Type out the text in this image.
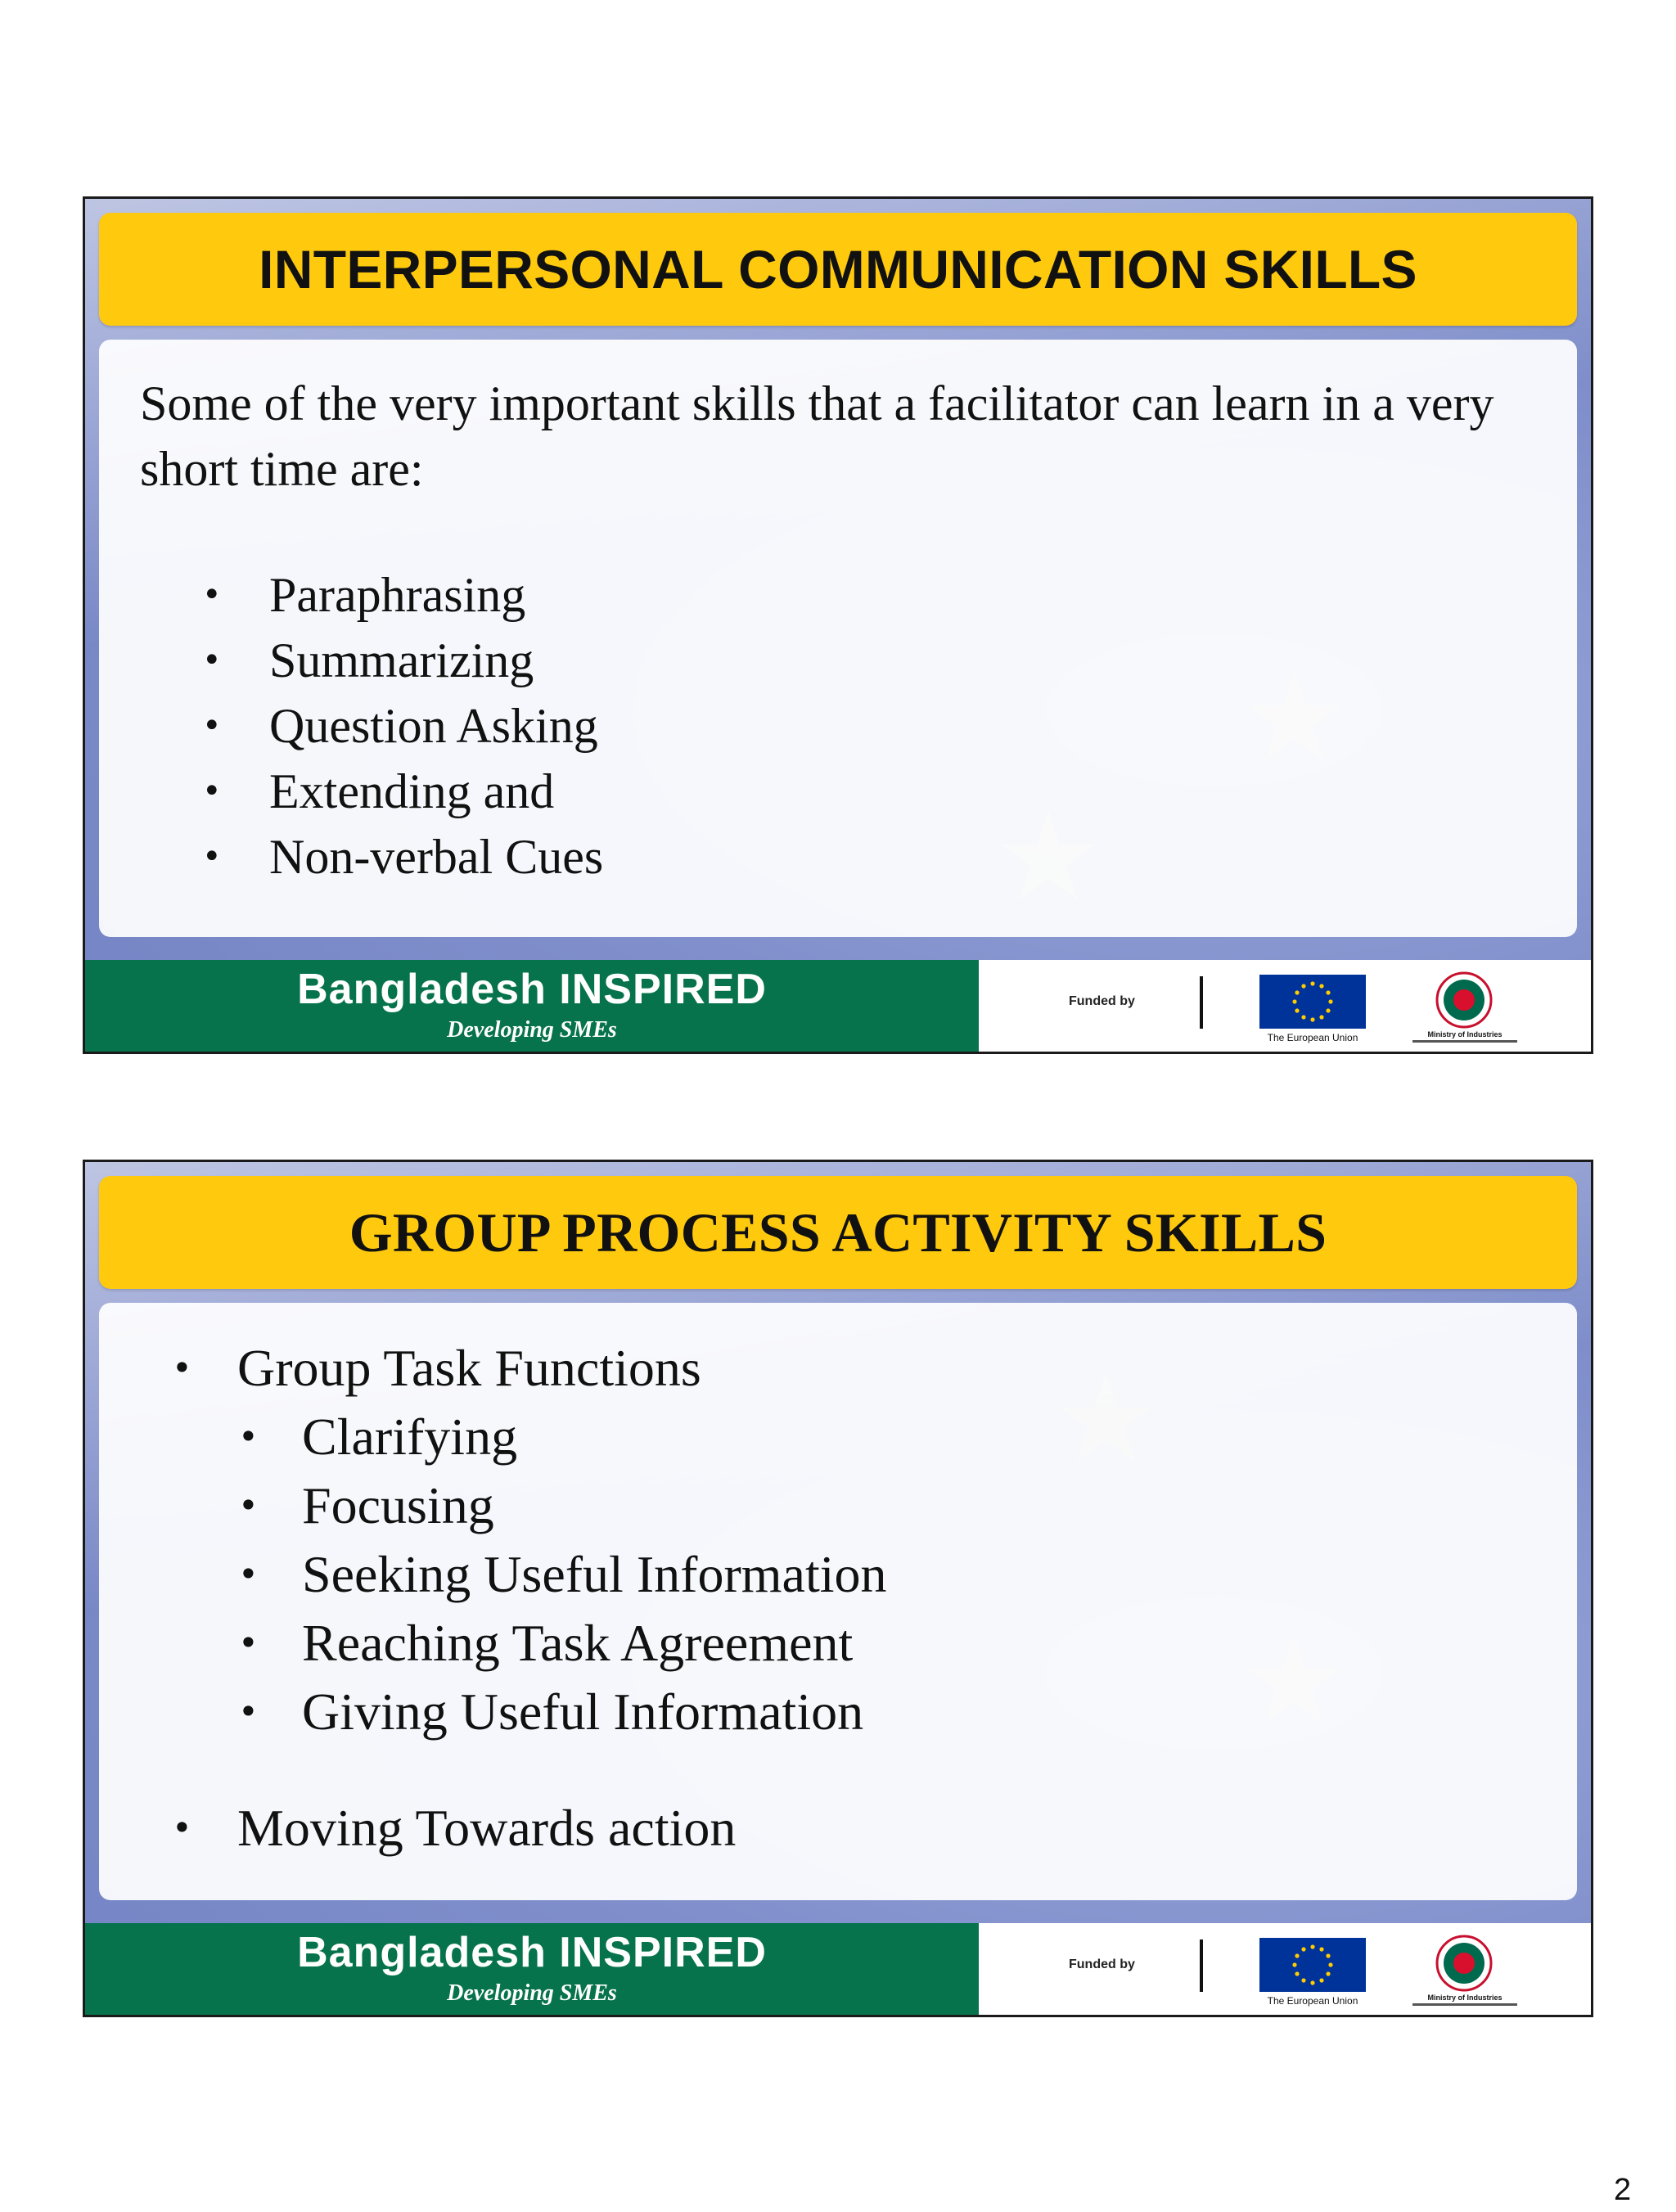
INTERPERSONAL COMMUNICATION SKILLS

Some of the very important skills that a facilitator can learn in a very short time are:

• Paraphrasing
• Summarizing
• Question Asking
• Extending and
• Non-verbal Cues
Bangladesh INSPIRED
Developing SMEs
Funded by
The European Union	Ministry of Industries
GROUP PROCESS ACTIVITY SKILLS
• Group Task Functions
• Clarifying
• Focusing
• Seeking Useful Information
• Reaching Task Agreement
• Giving Useful Information
• Moving Towards action
Bangladesh INSPIRED
Developing SMEs
Funded by
The European Union	Ministry of Industries
2
